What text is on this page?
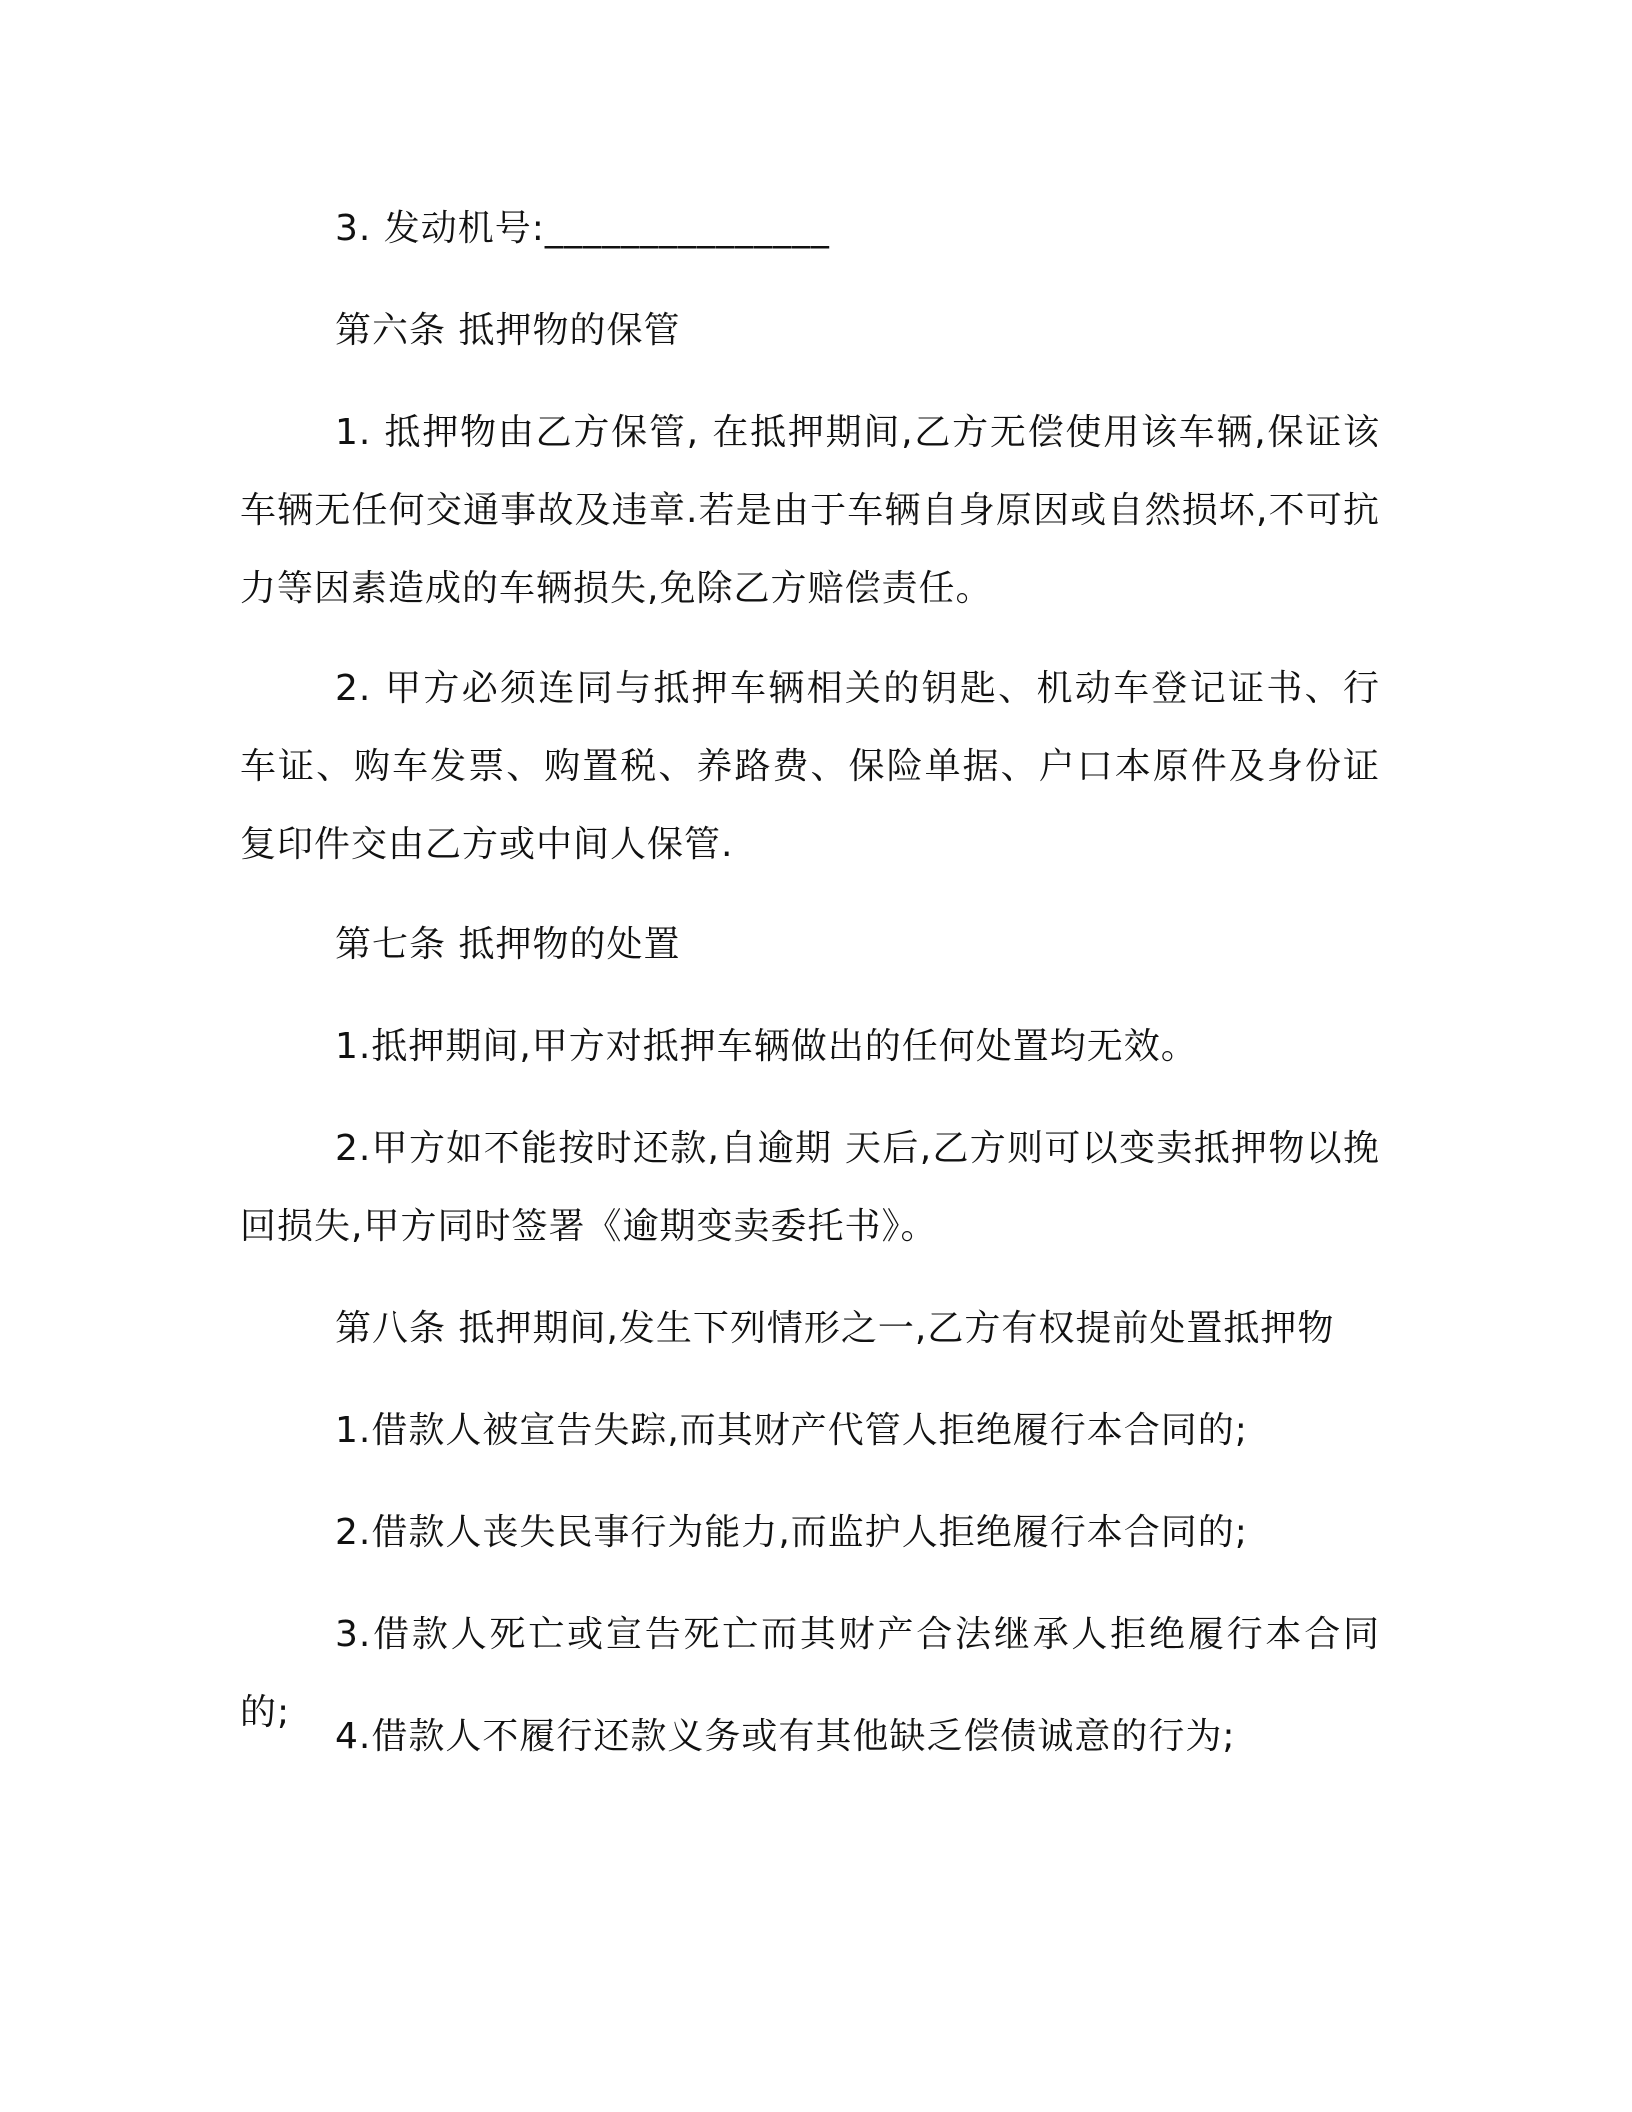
3. 发动机号:_______________

第六条 抵押物的保管

1. 抵押物由乙方保管, 在抵押期间,乙方无偿使用该车辆,保证该车辆无任何交通事故及违章.若是由于车辆自身原因或自然损坏,不可抗力等因素造成的车辆损失,免除乙方赔偿责任。

2. 甲方必须连同与抵押车辆相关的钥匙、机动车登记证书、行车证、购车发票、购置税、养路费、保险单据、户口本原件及身份证复印件交由乙方或中间人保管.

第七条 抵押物的处置

1.抵押期间,甲方对抵押车辆做出的任何处置均无效。

2.甲方如不能按时还款,自逾期 天后,乙方则可以变卖抵押物以挽回损失,甲方同时签署《逾期变卖委托书》。

第八条 抵押期间,发生下列情形之一,乙方有权提前处置抵押物

1.借款人被宣告失踪,而其财产代管人拒绝履行本合同的;

2.借款人丧失民事行为能力,而监护人拒绝履行本合同的;

3.借款人死亡或宣告死亡而其财产合法继承人拒绝履行本合同的;

4.借款人不履行还款义务或有其他缺乏偿债诚意的行为;
